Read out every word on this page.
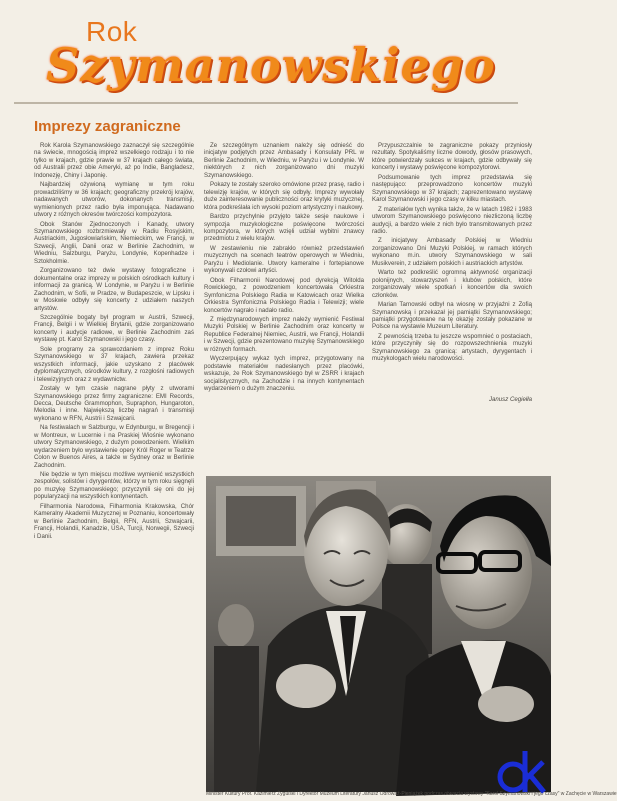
Rok
Szymanowskiego
Imprezy zagraniczne

Rok Karola Szymanowskiego zaznaczył się szczególnie na świecie, mnogością imprez wszelkiego rodzaju i to nie tylko w krajach, gdzie prawie w 37 krajach całego świata, od Australii przez obie Ameryki, aż po Indie, Bangladesz, Indonezję, Chiny i Japonię.

Najbardziej ożywioną wymianę w tym roku prowadziliśmy w 36 krajach; geograficzny przekrój krajów, nadawanych utworów, dokonanych transmisji, wymienionych przez radio była imponująca. Nadawano utwory z różnych okresów twórczości kompozytora.

Obok Stanów Zjednoczonych i Kanady, utwory Szymanowskiego rozbrzmiewały w Radiu Rosyjskim, Austriackim, Jugosłowiańskim, Niemieckim, we Francji, w Szwecji, Anglii, Danii oraz w Berlinie Zachodnim, w Wiedniu, Salzburgu, Paryżu, Londynie, Kopenhadze i Sztokholmie.

Zorganizowano też dwie wystawy fotograficzne i dokumentalne oraz imprezy w polskich ośrodkach kultury i informacji za granicą. W Londynie, w Paryżu i w Berlinie Zachodnim, w Sofii, w Pradze, w Budapeszcie, w Lipsku i w Moskwie odbyły się koncerty z udziałem naszych artystów.

Szczególnie bogaty był program w Austrii, Szwecji, Francji, Belgii i w Wielkiej Brytanii, gdzie zorganizowano koncerty i audycje radiowe, w Berlinie Zachodnim zaś wystawę pt. Karol Szymanowski i jego czasy.

Sole programy za sprawozdaniem z imprez Roku Szymanowskiego w 37 krajach, zawiera przekaz wszystkich informacji, jakie uzyskano z placówek dyplomatycznych, ośrodków kultury, z rozgłośni radiowych i telewizyjnych oraz z wydawnictw.

Zostały w tym czasie nagrane płyty z utworami Szymanowskiego przez firmy zagraniczne: EMI Records, Decca, Deutsche Grammophon, Supraphon, Hungaroton, Melodia i inne. Największą liczbę nagrań i transmisji wykonano w RFN, Austrii i Szwajcarii.

Na festiwalach w Salzburgu, w Edynburgu, w Bregencji i w Montreux, w Lucernie i na Praskiej Wiośnie wykonano utwory Szymanowskiego, z dużym powodzeniem. Wielkim wydarzeniem było wystawienie opery Król Roger w Teatrze Colon w Buenos Aires, a także w Sydney oraz w Berlinie Zachodnim.

Nie będzie w tym miejscu możliwe wymienić wszystkich zespołów, solistów i dyrygentów, którzy w tym roku sięgnęli po muzykę Szymanowskiego; przyczynili się oni do jej popularyzacji na wszystkich kontynentach.

Filharmonia Narodowa, Filharmonia Krakowska, Chór Kameralny Akademii Muzycznej w Poznaniu, koncertowały w Berlinie Zachodnim, Belgii, RFN, Austrii, Szwajcarii, Francji, Holandii, Kanadzie, USA, Turcji, Norwegii, Szwecji i Danii.

Ze szczególnym uznaniem należy się odnieść do inicjatyw podjętych przez Ambasady i Konsulaty PRL w Berlinie Zachodnim, w Wiedniu, w Paryżu i w Londynie. W niektórych z nich zorganizowano dni muzyki Szymanowskiego.

Pokazy te zostały szeroko omówione przez prasę, radio i telewizję krajów, w których się odbyły. Imprezy wywołały duże zainteresowanie publiczności oraz krytyki muzycznej, która podkreślała ich wysoki poziom artystyczny i naukowy.

Bardzo przychylnie przyjęto także sesje naukowe i sympozja muzykologiczne poświęcone twórczości kompozytora, w których wzięli udział wybitni znawcy przedmiotu z wielu krajów.

W zestawieniu nie zabrakło również przedstawień muzycznych na scenach teatrów operowych w Wiedniu, Paryżu i Mediolanie. Utwory kameralne i fortepianowe wykonywali czołowi artyści.

Obok Filharmonii Narodowej pod dyrekcją Witolda Rowickiego, z powodzeniem koncertowała Orkiestra Symfoniczna Polskiego Radia w Katowicach oraz Wielka Orkiestra Symfoniczna Polskiego Radia i Telewizji; wiele koncertów nagrało i nadało radio.

Z międzynarodowych imprez należy wymienić Festiwal Muzyki Polskiej w Berlinie Zachodnim oraz koncerty w Republice Federalnej Niemiec, Austrii, we Francji, Holandii i w Szwecji, gdzie prezentowano muzykę Szymanowskiego w różnych formach.

Wyczerpujący wykaz tych imprez, przygotowany na podstawie materiałów nadesłanych przez placówki, wskazuje, że Rok Szymanowskiego był w ZSRR i krajach socjalistycznych, na Zachodzie i na innych kontynentach wydarzeniem o dużym znaczeniu.

Przypuszczalnie te zagraniczne pokazy przyniosły rezultaty. Spotykaliśmy liczne dowody, głosów prasowych, które potwierdzały sukces w krajach, gdzie odbywały się koncerty i wystawy poświęcone kompozytorowi.

Podsumowanie tych imprez przedstawia się następująco: przeprowadzono koncertów muzyki Szymanowskiego w 37 krajach; zaprezentowano wystawę Karol Szymanowski i jego czasy w kilku miastach.

Z materiałów tych wynika także, że w latach 1982 i 1983 utworom Szymanowskiego poświęcono niezliczoną liczbę audycji, a bardzo wiele z nich było transmitowanych przez radio.

Z inicjatywy Ambasady Polskiej w Wiedniu zorganizowano Dni Muzyki Polskiej, w ramach których wykonano m.in. utwory Szymanowskiego w sali Musikverein, z udziałem polskich i austriackich artystów.

Warto też podkreślić ogromną aktywność organizacji polonijnych, stowarzyszeń i klubów polskich, które zorganizowały wiele spotkań i koncertów dla swoich członków.

Marian Tarnowski odbył na wiosnę w przyjaźni z Zofią Szymanowską i przekazał jej pamiątki Szymanowskiego; pamiątki przygotowane na tę okazję zostały pokazane w Polsce na wystawie Muzeum Literatury.

Z pewnością trzeba tu jeszcze wspomnieć o postaciach, które przyczyniły się do rozpowszechnienia muzyki Szymanowskiego za granicą: artystach, dyrygentach i muzykologach wielu narodowości.

Janusz Cegiełła
Minister Kultury Prof. Kazimierz Żygulski i Dyrektor Muzeum Literatury Janusz Odrowąż-Pieniążek podczas otwarcia wystawy "Karol Szymanowski i jego czasy" w Zachęcie w Warszawie
dk
